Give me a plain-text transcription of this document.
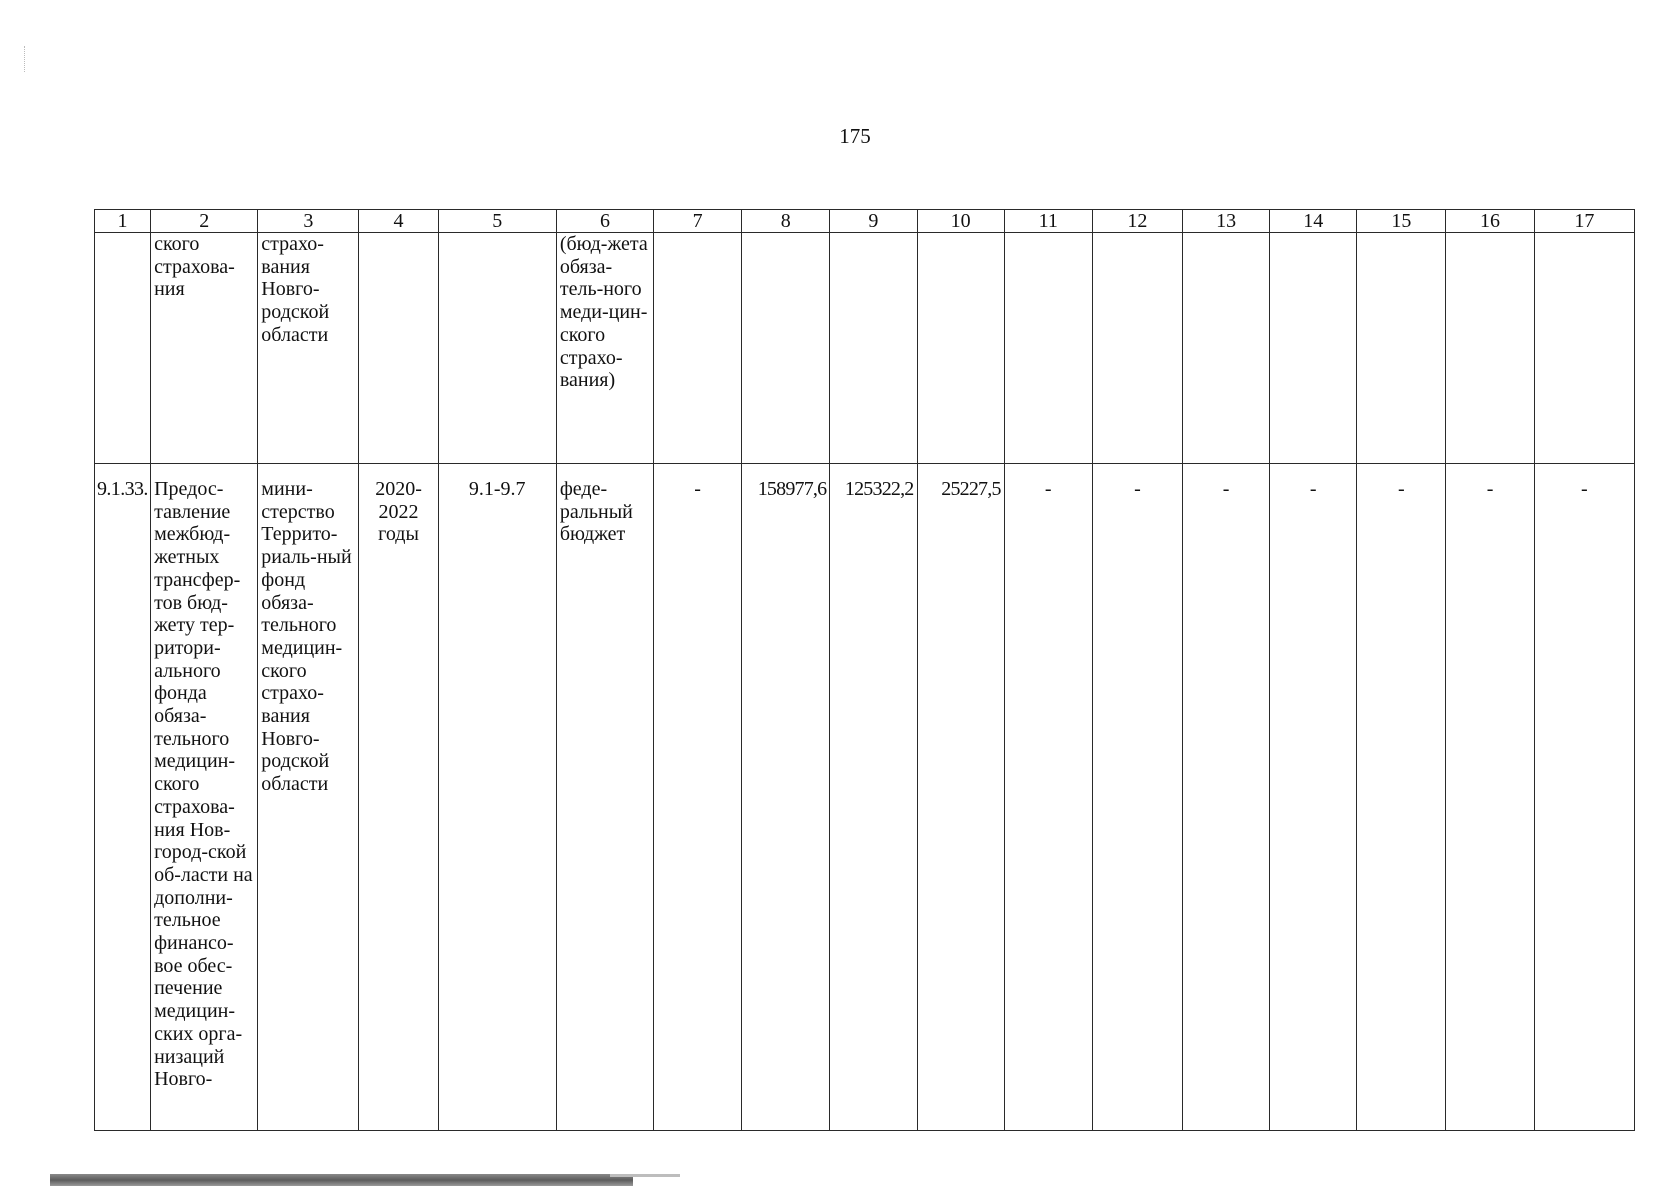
175
1	2	3	4	5	6	7	8	9	10	11	12	13	14	15	16	17
	ского страхова-ния	страхо-вания Новго-родской области			(бюд-жета обяза-тель-ного меди-цин-ского страхо-вания)											
9.1.33.	Предос-тавление межбюд-жетных трансфер-тов бюд-жету тер-ритори-ального фонда обяза-тельного медицин-ского страхова-ния Нов-город-ской об-ласти на дополни-тельное финансо-вое обес-печение медицин-ских орга-низаций Новго-	мини-стерство Террито-риаль-ный фонд обяза-тельного медицин-ского страхо-вания Новго-родской области	2020-2022 годы	9.1-9.7	феде-ральный бюджет	-	158977,6	125322,2	25227,5	-	-	-	-	-	-	-
